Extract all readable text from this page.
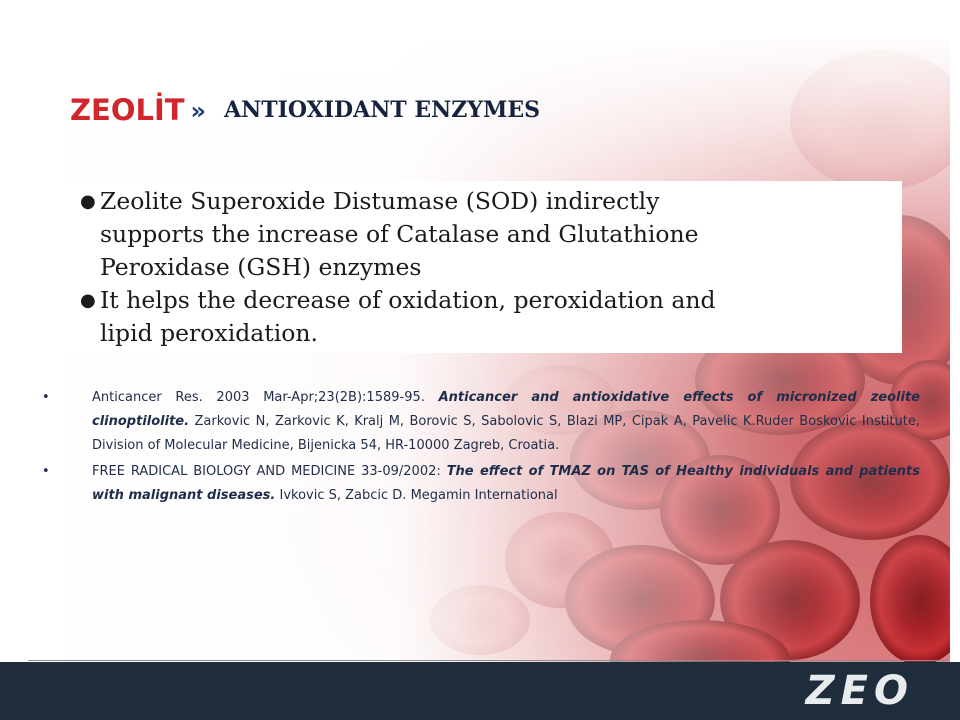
ZEOLİT » ANTIOXIDANT ENZYMES
● Zeolite Superoxide Distumase (SOD) indirectly
supports the increase of Catalase and Glutathione
Peroxidase (GSH) enzymes
● It helps the decrease of oxidation, peroxidation and
lipid peroxidation.
•	Anticancer Res. 2003 Mar-Apr;23(2B):1589-95. Anticancer and antioxidative effects of micronized zeolite clinoptilolite. Zarkovic N, Zarkovic K, Kralj M, Borovic S, Sabolovic S, Blazi MP, Cipak A, Pavelic K.Ruder Boskovic Institute, Division of Molecular Medicine, Bijenicka 54, HR-10000 Zagreb, Croatia.
•	FREE RADICAL BIOLOGY AND MEDICINE 33-09/2002: The effect of TMAZ on TAS of Healthy individuals and patients with malignant diseases. Ivkovic S, Zabcic D. Megamin International
ZEO
